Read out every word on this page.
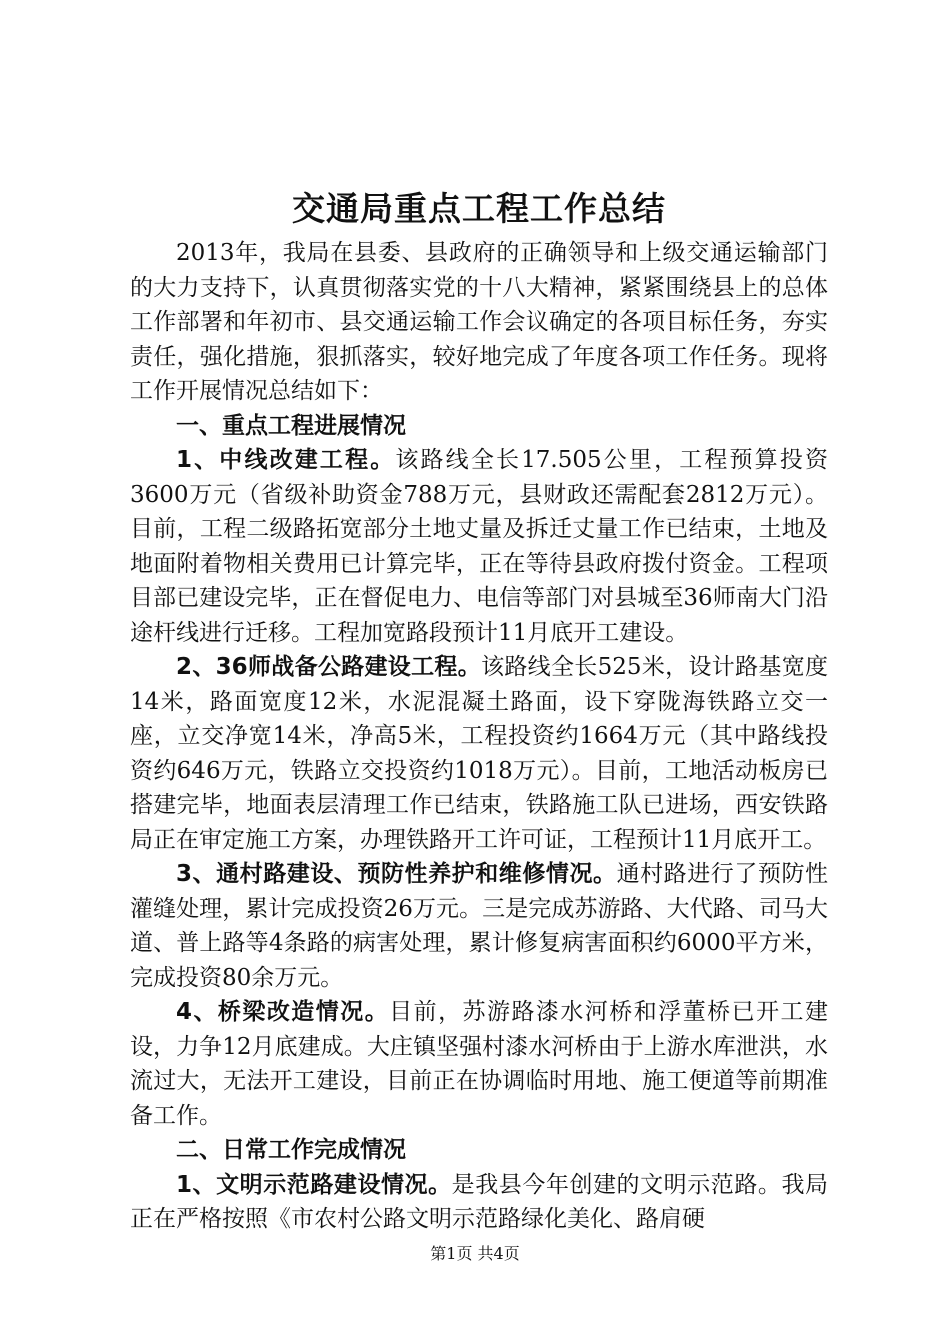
交通局重点工程工作总结

2013年，我局在县委、县政府的正确领导和上级交通运输部门的大力支持下，认真贯彻落实党的十八大精神，紧紧围绕县上的总体工作部署和年初市、县交通运输工作会议确定的各项目标任务，夯实责任，强化措施，狠抓落实，较好地完成了年度各项工作任务。现将工作开展情况总结如下：

一、重点工程进展情况

1、中线改建工程。该路线全长17.505公里，工程预算投资3600万元（省级补助资金788万元，县财政还需配套2812万元）。目前，工程二级路拓宽部分土地丈量及拆迁丈量工作已结束，土地及地面附着物相关费用已计算完毕，正在等待县政府拨付资金。工程项目部已建设完毕，正在督促电力、电信等部门对县城至36师南大门沿途杆线进行迁移。工程加宽路段预计11月底开工建设。

2、36师战备公路建设工程。该路线全长525米，设计路基宽度14米，路面宽度12米，水泥混凝土路面，设下穿陇海铁路立交一座，立交净宽14米，净高5米，工程投资约1664万元（其中路线投资约646万元，铁路立交投资约1018万元）。目前，工地活动板房已搭建完毕，地面表层清理工作已结束，铁路施工队已进场，西安铁路局正在审定施工方案，办理铁路开工许可证，工程预计11月底开工。

3、通村路建设、预防性养护和维修情况。通村路进行了预防性灌缝处理，累计完成投资26万元。三是完成苏游路、大代路、司马大道、普上路等4条路的病害处理，累计修复病害面积约6000平方米，完成投资80余万元。

4、桥梁改造情况。目前，苏游路漆水河桥和浮董桥已开工建设，力争12月底建成。大庄镇坚强村漆水河桥由于上游水库泄洪，水流过大，无法开工建设，目前正在协调临时用地、施工便道等前期准备工作。

二、日常工作完成情况

1、文明示范路建设情况。是我县今年创建的文明示范路。我局正在严格按照《市农村公路文明示范路绿化美化、路肩硬

第1页 共4页
